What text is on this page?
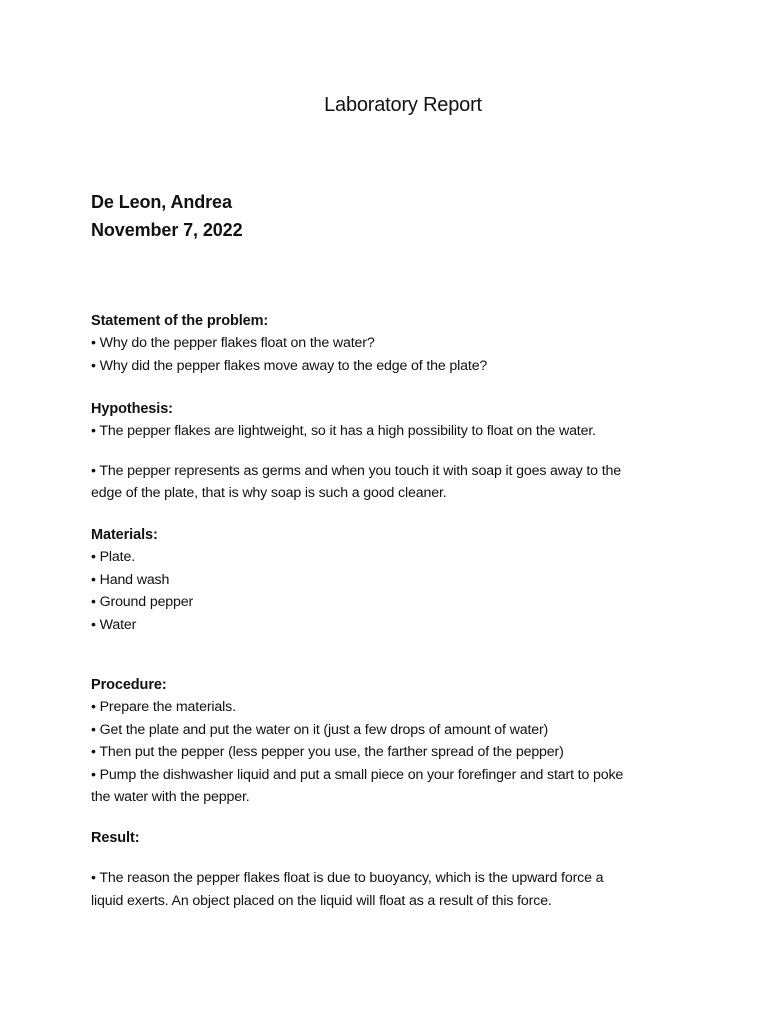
Laboratory Report

De Leon, Andrea

November 7, 2022

Statement of the problem:

• Why do the pepper flakes float on the water?

• Why did the pepper flakes move away to the edge of the plate?

Hypothesis:

• The pepper flakes are lightweight, so it has a high possibility to float on the water.

• The pepper represents as germs and when you touch it with soap it goes away to the

edge of the plate, that is why soap is such a good cleaner.

Materials:

• Plate.

• Hand wash

• Ground pepper

• Water

Procedure:

• Prepare the materials.

• Get the plate and put the water on it (just a few drops of amount of water)

• Then put the pepper (less pepper you use, the farther spread of the pepper)

• Pump the dishwasher liquid and put a small piece on your forefinger and start to poke

the water with the pepper.

Result:

• The reason the pepper flakes float is due to buoyancy, which is the upward force a

liquid exerts. An object placed on the liquid will float as a result of this force.
